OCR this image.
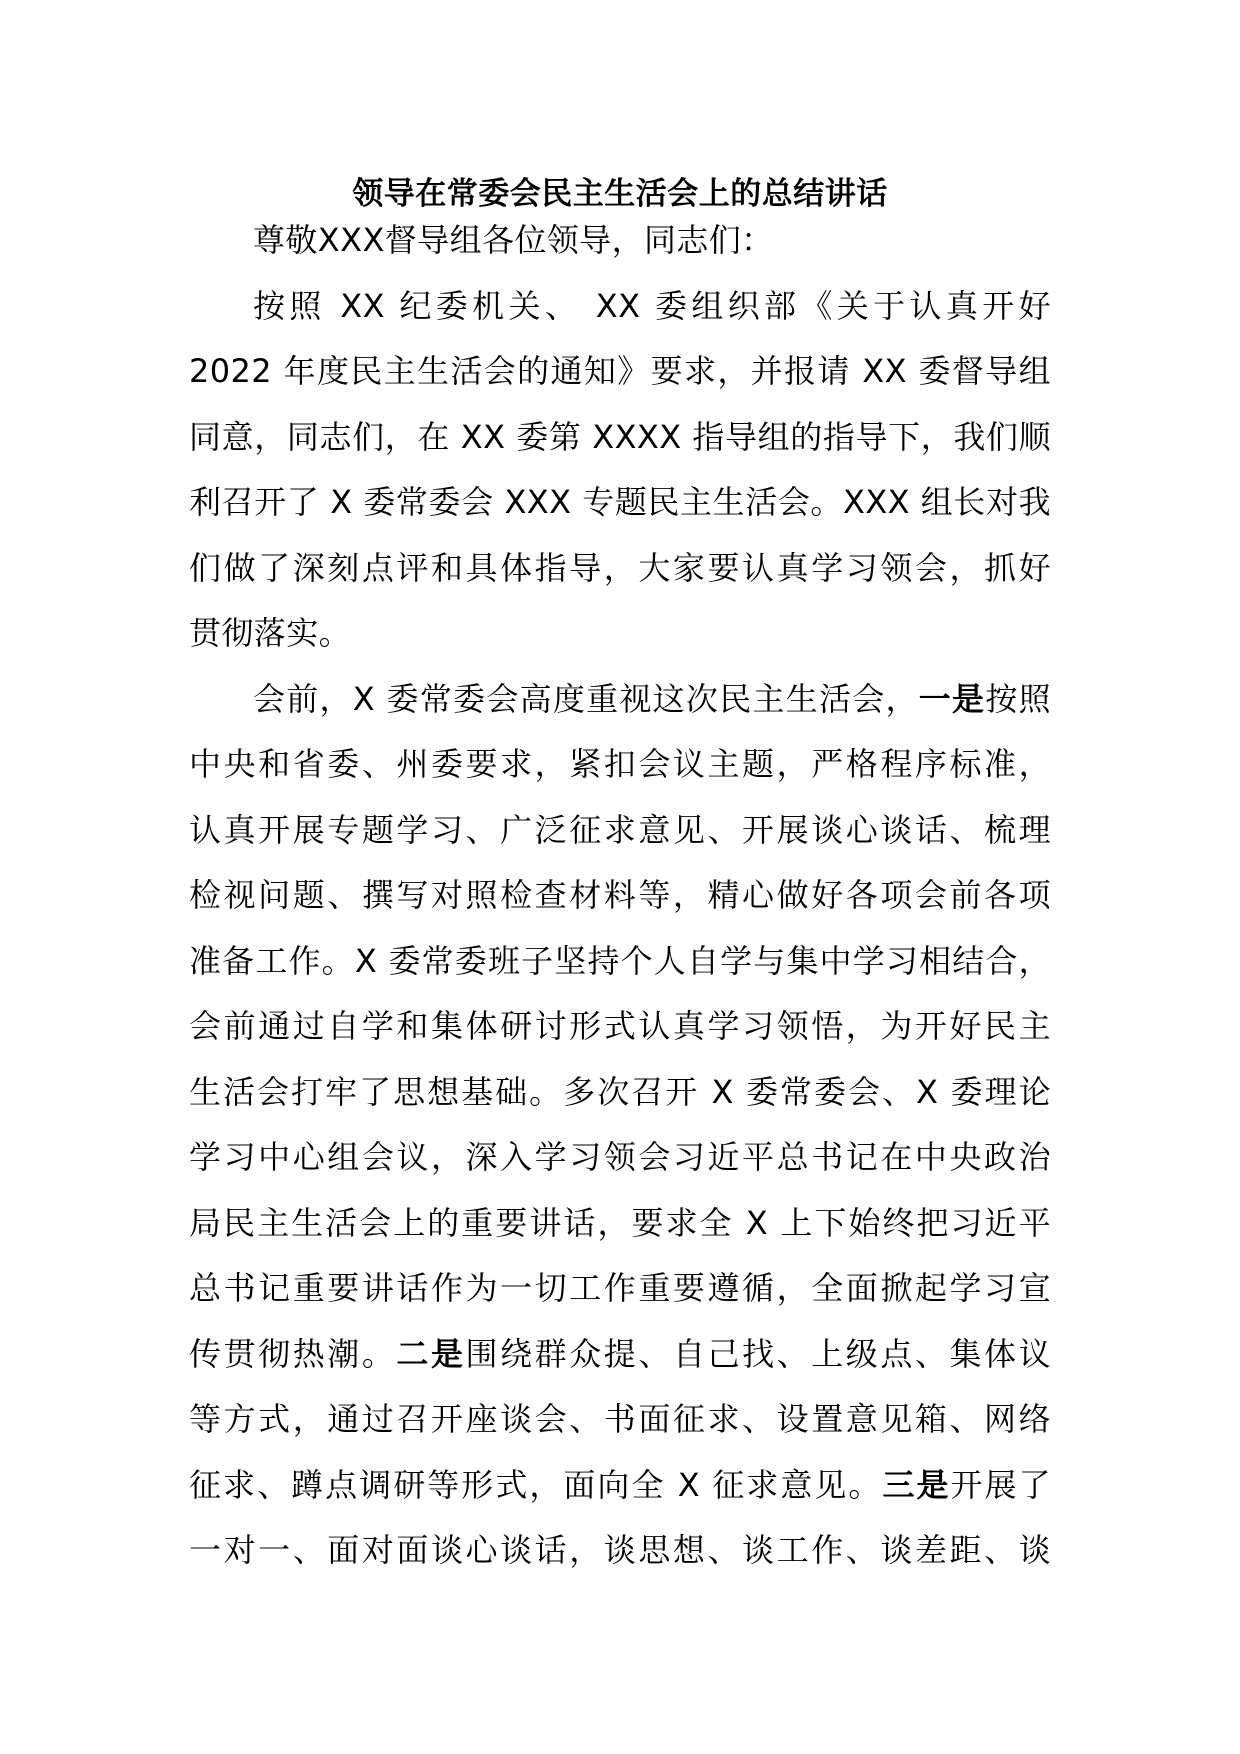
领导在常委会民主生活会上的总结讲话

尊敬XXX督导组各位领导，同志们：

按照 XX 纪委机关、 XX 委组织部《关于认真开好
2022 年度民主生活会的通知》要求，并报请 XX 委督导组
同意，同志们，在 XX 委第 XXXX 指导组的指导下，我们顺
利召开了 X 委常委会 XXX 专题民主生活会。XXX 组长对我
们做了深刻点评和具体指导，大家要认真学习领会，抓好
贯彻落实。

会前，X 委常委会高度重视这次民主生活会，一是按照
中央和省委、州委要求，紧扣会议主题，严格程序标准，
认真开展专题学习、广泛征求意见、开展谈心谈话、梳理
检视问题、撰写对照检查材料等，精心做好各项会前各项
准备工作。X 委常委班子坚持个人自学与集中学习相结合，
会前通过自学和集体研讨形式认真学习领悟，为开好民主
生活会打牢了思想基础。多次召开 X 委常委会、X 委理论
学习中心组会议，深入学习领会习近平总书记在中央政治
局民主生活会上的重要讲话，要求全 X 上下始终把习近平
总书记重要讲话作为一切工作重要遵循，全面掀起学习宣
传贯彻热潮。二是围绕群众提、自己找、上级点、集体议
等方式，通过召开座谈会、书面征求、设置意见箱、网络
征求、蹲点调研等形式，面向全 X 征求意见。三是开展了
一对一、面对面谈心谈话，谈思想、谈工作、谈差距、谈
